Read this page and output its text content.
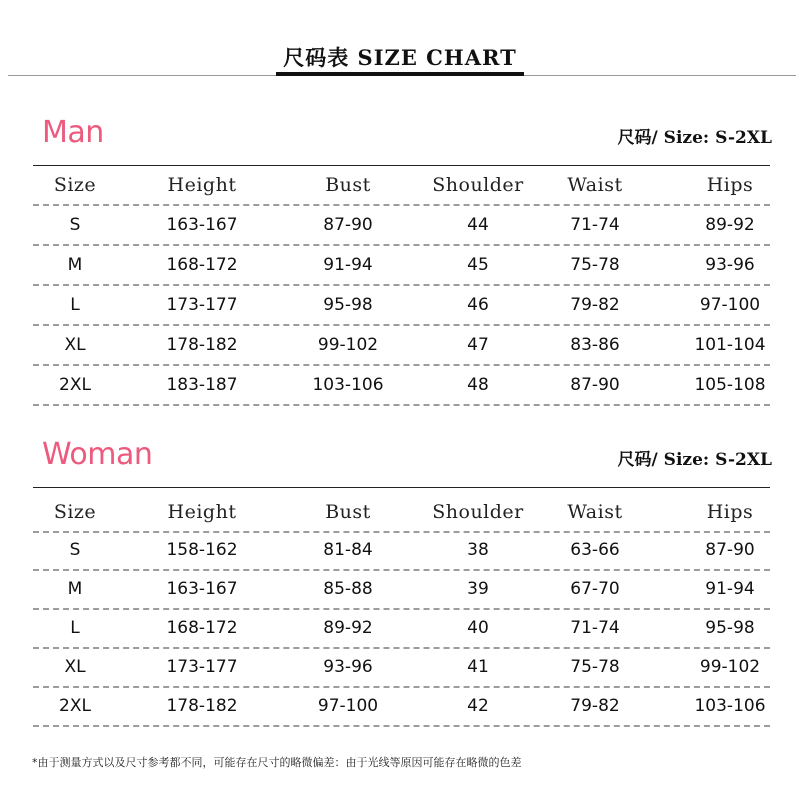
尺码表 SIZE CHART
Man	尺码/ Size: S-2XL
Size	Height	Bust	Shoulder	Waist	Hips
S	163-167	87-90	44	71-74	89-92
M	168-172	91-94	45	75-78	93-96
L	173-177	95-98	46	79-82	97-100
XL	178-182	99-102	47	83-86	101-104
2XL	183-187	103-106	48	87-90	105-108
Woman	尺码/ Size: S-2XL
Size	Height	Bust	Shoulder	Waist	Hips
S	158-162	81-84	38	63-66	87-90
M	163-167	85-88	39	67-70	91-94
L	168-172	89-92	40	71-74	95-98
XL	173-177	93-96	41	75-78	99-102
2XL	178-182	97-100	42	79-82	103-106
*由于测量方式以及尺寸参考都不同，可能存在尺寸的略微偏差：由于光线等原因可能存在略微的色差
